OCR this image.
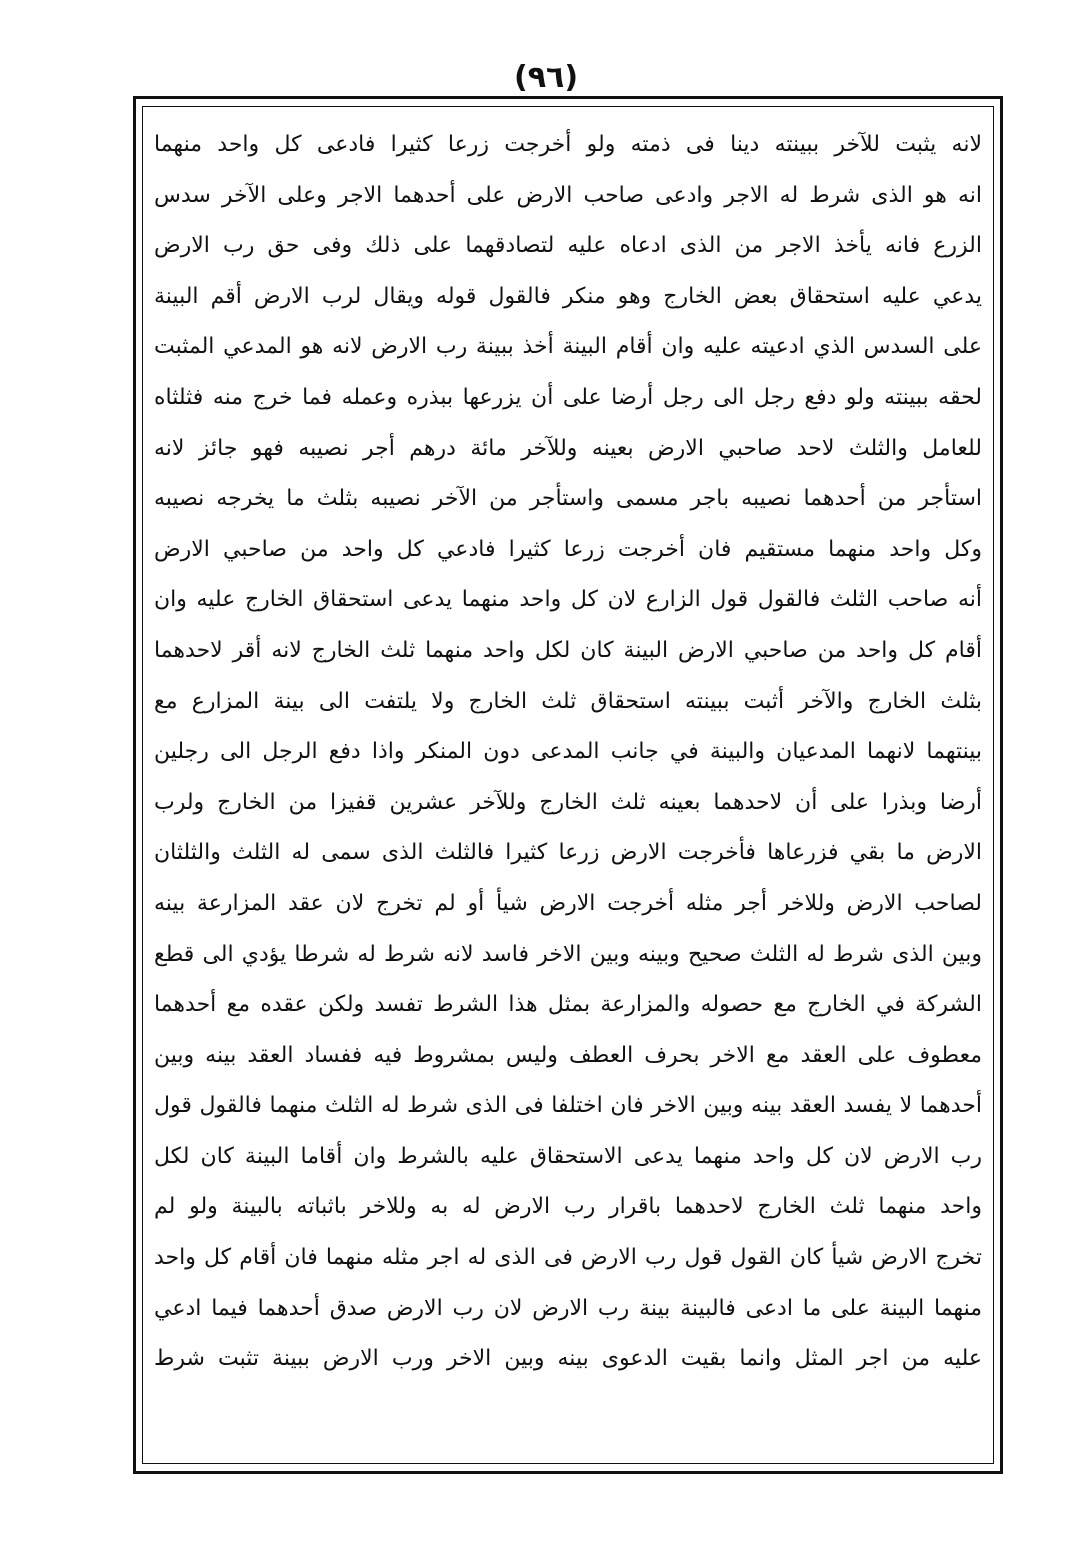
(٩٦)
لانه يثبت للآخر ببينته دينا فى ذمته ولو أخرجت زرعا كثيرا فادعى كل واحد منهما
انه هو الذى شرط له الاجر وادعى صاحب الارض على أحدهما الاجر وعلى الآخر سدس
الزرع فانه يأخذ الاجر من الذى ادعاه عليه لتصادقهما على ذلك وفى حق رب الارض
يدعي عليه استحقاق بعض الخارج وهو منكر فالقول قوله ويقال لرب الارض أقم البينة
على السدس الذي ادعيته عليه وان أقام البينة أخذ ببينة رب الارض لانه هو المدعي المثبت
لحقه ببينته ولو دفع رجل الى رجل أرضا على أن يزرعها ببذره وعمله فما خرج منه فثلثاه
للعامل والثلث لاحد صاحبي الارض بعينه وللآخر مائة درهم أجر نصيبه فهو جائز لانه
استأجر من أحدهما نصيبه باجر مسمى واستأجر من الآخر نصيبه بثلث ما يخرجه نصيبه
وكل واحد منهما مستقيم فان أخرجت زرعا كثيرا فادعي كل واحد من صاحبي الارض
أنه صاحب الثلث فالقول قول الزارع لان كل واحد منهما يدعى استحقاق الخارج عليه وان
أقام كل واحد من صاحبي الارض البينة كان لكل واحد منهما ثلث الخارج لانه أقر لاحدهما
بثلث الخارج والآخر أثبت ببينته استحقاق ثلث الخارج ولا يلتفت الى بينة المزارع مع
بينتهما لانهما المدعيان والبينة في جانب المدعى دون المنكر واذا دفع الرجل الى رجلين
أرضا وبذرا على أن لاحدهما بعينه ثلث الخارج وللآخر عشرين قفيزا من الخارج ولرب
الارض ما بقي فزرعاها فأخرجت الارض زرعا كثيرا فالثلث الذى سمى له الثلث والثلثان
لصاحب الارض وللاخر أجر مثله أخرجت الارض شيأ أو لم تخرج لان عقد المزارعة بينه
وبين الذى شرط له الثلث صحيح وبينه وبين الاخر فاسد لانه شرط له شرطا يؤدي الى قطع
الشركة في الخارج مع حصوله والمزارعة بمثل هذا الشرط تفسد ولكن عقده مع أحدهما
معطوف على العقد مع الاخر بحرف العطف وليس بمشروط فيه ففساد العقد بينه وبين
أحدهما لا يفسد العقد بينه وبين الاخر فان اختلفا فى الذى شرط له الثلث منهما فالقول قول
رب الارض لان كل واحد منهما يدعى الاستحقاق عليه بالشرط وان أقاما البينة كان لكل
واحد منهما ثلث الخارج لاحدهما باقرار رب الارض له به وللاخر باثباته بالبينة ولو لم
تخرج الارض شيأ كان القول قول رب الارض فى الذى له اجر مثله منهما فان أقام كل واحد
منهما البينة على ما ادعى فالبينة بينة رب الارض لان رب الارض صدق أحدهما فيما ادعي
عليه من اجر المثل وانما بقيت الدعوى بينه وبين الاخر ورب الارض ببينة تثبت شرط
